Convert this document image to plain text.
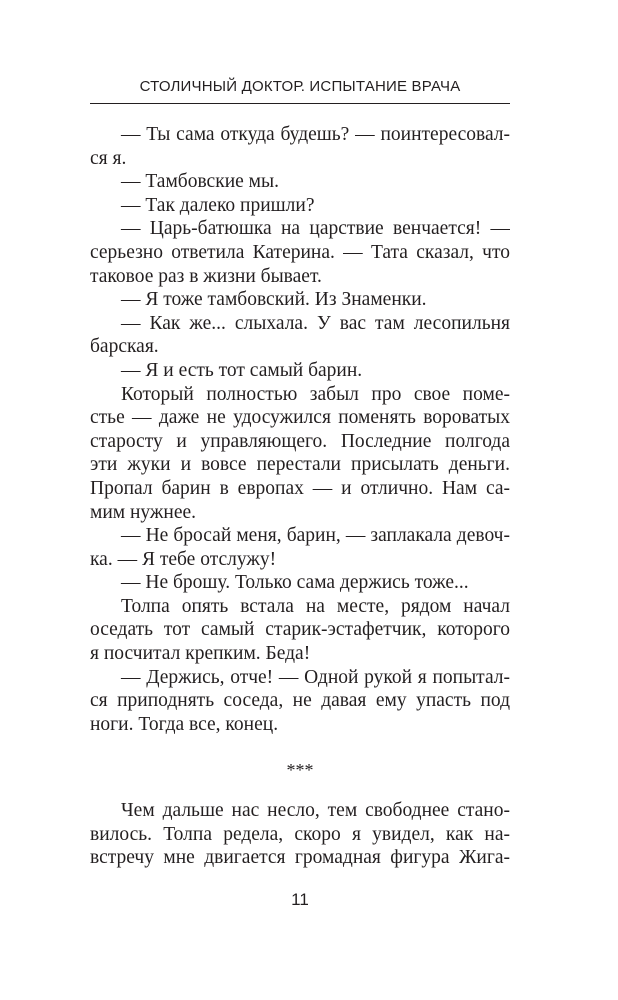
СТОЛИЧНЫЙ ДОКТОР. ИСПЫТАНИЕ ВРАЧА
— Ты сама откуда будешь? — поинтересовал-
ся я.
— Тамбовские мы.
— Так далеко пришли?
— Царь-батюшка на царствие венчается! —
серьезно ответила Катерина. — Тата сказал, что
таковое раз в жизни бывает.
— Я тоже тамбовский. Из Знаменки.
— Как же... слыхала. У вас там лесопильня
барская.
— Я и есть тот самый барин.
Который полностью забыл про свое поме-
стье — даже не удосужился поменять вороватых
старосту и управляющего. Последние полгода
эти жуки и вовсе перестали присылать деньги.
Пропал барин в европах — и отлично. Нам са-
мим нужнее.
— Не бросай меня, барин, — заплакала девоч-
ка. — Я тебе отслужу!
— Не брошу. Только сама держись тоже...
Толпа опять встала на месте, рядом начал
оседать тот самый старик-эстафетчик, которого
я посчитал крепким. Беда!
— Держись, отче! — Одной рукой я попытал-
ся приподнять соседа, не давая ему упасть под
ноги. Тогда все, конец.
***
Чем дальше нас несло, тем свободнее стано-
вилось. Толпа редела, скоро я увидел, как на-
встречу мне двигается громадная фигура Жига-
11
